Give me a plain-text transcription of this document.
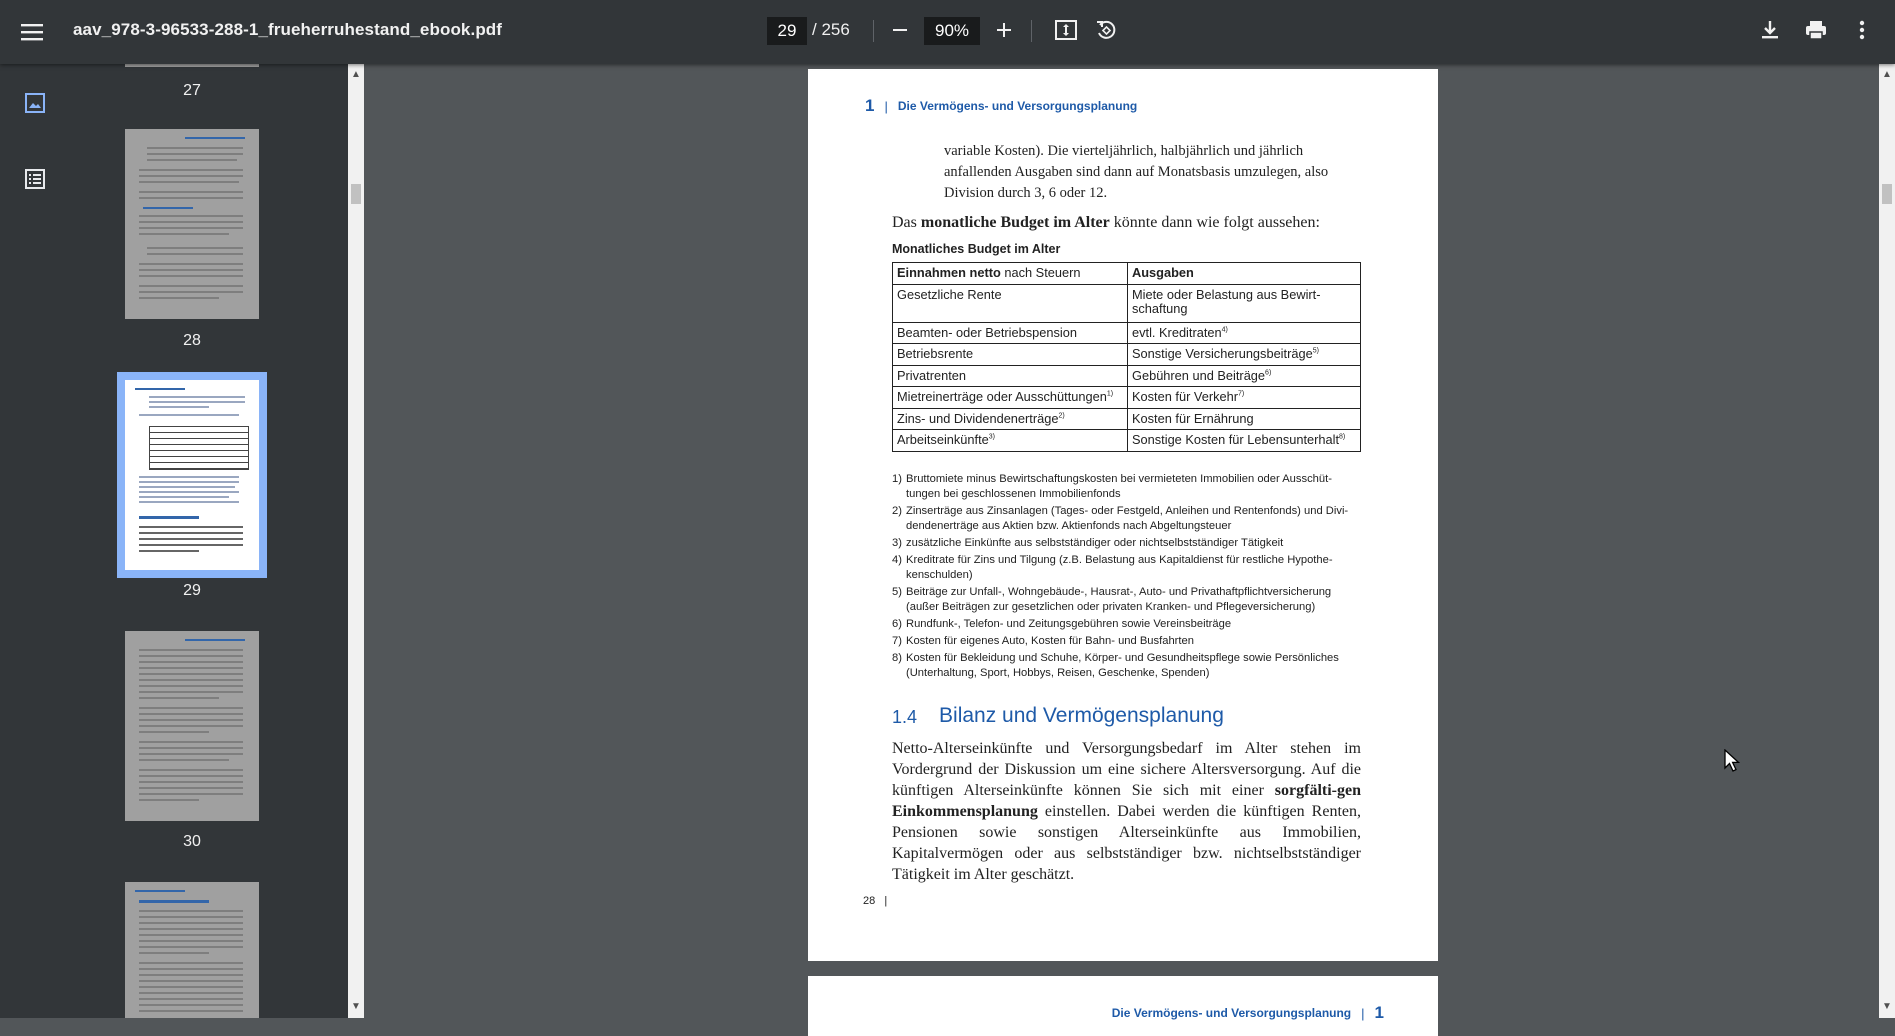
aav_978-3-96533-288-1_frueherruhestand_ebook.pdf	29 / 256	90%
27
28
29
30
▲
▼
1 | Die Vermögens- und Versorgungsplanung
variable Kosten). Die vierteljährlich, halbjährlich und jährlich anfallenden Ausgaben sind dann auf Monatsbasis umzulegen, also Division durch 3, 6 oder 12.
Das monatliche Budget im Alter könnte dann wie folgt aussehen:
Monatliches Budget im Alter
Einnahmen netto nach Steuern	Ausgaben
Gesetzliche Rente	Miete oder Belastung aus Bewirt-schaftung
Beamten- oder Betriebspension	evtl. Kreditraten$^{4)}$
Betriebsrente	Sonstige Versicherungsbeiträge$^{5)}$
Privatrenten	Gebühren und Beiträge$^{6)}$
Mietreinerträge oder Ausschüttungen$^{1)}$	Kosten für Verkehr$^{7)}$
Zins- und Dividendenerträge$^{2)}$	Kosten für Ernährung
Arbeitseinkünfte$^{3)}$	Sonstige Kosten für Lebensunterhalt$^{8)}$
1) Bruttomiete minus Bewirtschaftungskosten bei vermieteten Immobilien oder Ausschüt-tungen bei geschlossenen Immobilienfonds
2) Zinserträge aus Zinsanlagen (Tages- oder Festgeld, Anleihen und Rentenfonds) und Divi-dendenerträge aus Aktien bzw. Aktienfonds nach Abgeltungsteuer
3) zusätzliche Einkünfte aus selbstständiger oder nichtselbstständiger Tätigkeit
4) Kreditrate für Zins und Tilgung (z.B. Belastung aus Kapitaldienst für restliche Hypothe-kenschulden)
5) Beiträge zur Unfall-, Wohngebäude-, Hausrat-, Auto- und Privathaftpflichtversicherung (außer Beiträgen zur gesetzlichen oder privaten Kranken- und Pflegeversicherung)
6) Rundfunk-, Telefon- und Zeitungsgebühren sowie Vereinsbeiträge
7) Kosten für eigenes Auto, Kosten für Bahn- und Busfahrten
8) Kosten für Bekleidung und Schuhe, Körper- und Gesundheitspflege sowie Persönliches (Unterhaltung, Sport, Hobbys, Reisen, Geschenke, Spenden)
1.4 Bilanz und Vermögensplanung
Netto-Alterseinkünfte und Versorgungsbedarf im Alter stehen im Vordergrund der Diskussion um eine sichere Altersversorgung. Auf die künftigen Alterseinkünfte können Sie sich mit einer sorgfälti-gen Einkommensplanung einstellen. Dabei werden die künftigen Renten, Pensionen sowie sonstigen Alterseinkünfte aus Immobilien, Kapitalvermögen oder aus selbstständiger bzw. nichtselbstständiger Tätigkeit im Alter geschätzt.
28 |
Die Vermögens- und Versorgungsplanung | 1
▲
▼
